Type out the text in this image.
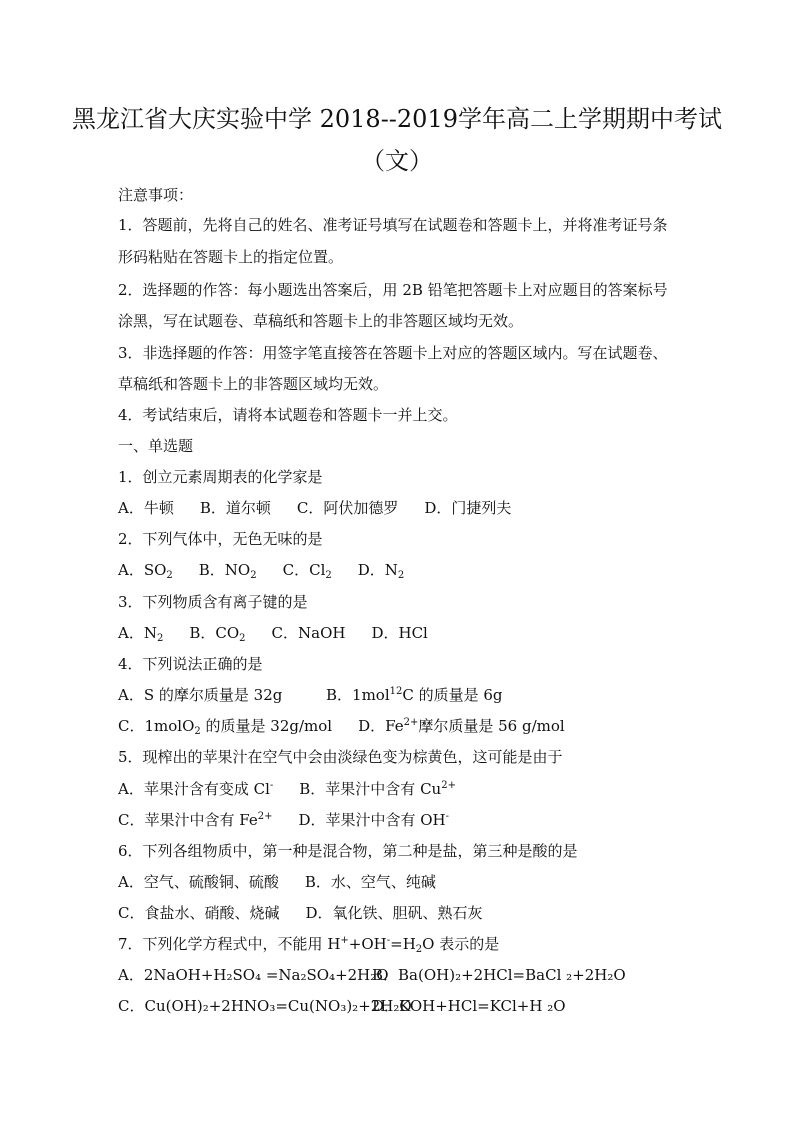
黑龙江省大庆实验中学 2018--2019学年高二上学期期中考试
（文）
注意事项：
1．答题前，先将自己的姓名、准考证号填写在试题卷和答题卡上，并将准考证号条
形码粘贴在答题卡上的指定位置。
2．选择题的作答：每小题选出答案后，用 2B 铅笔把答题卡上对应题目的答案标号
涂黑，写在试题卷、草稿纸和答题卡上的非答题区域均无效。
3．非选择题的作答：用签字笔直接答在答题卡上对应的答题区域内。写在试题卷、
草稿纸和答题卡上的非答题区域均无效。
4．考试结束后，请将本试题卷和答题卡一并上交。
一、单选题
1．创立元素周期表的化学家是
A．牛顿 B．道尔顿 C．阿伏加德罗 D．门捷列夫
2．下列气体中，无色无味的是
A．$SO_2$ B．$NO_2$ C．$Cl_2$ D．$N_2$
3．下列物质含有离子键的是
A．$N_2$ B．$CO_2$ C．NaOH D．HCl
4．下列说法正确的是
A．S 的摩尔质量是 32g	B．1mol$^{12}$C 的质量是 6g
C．1molO$_2$ 的质量是 32g/mol D．$Fe^{2+}$摩尔质量是 56 g/mol
5．现榨出的苹果汁在空气中会由淡绿色变为棕黄色，这可能是由于
A．苹果汁含有变成 Cl- B．苹果汁中含有 $Cu^{2+}$
C．苹果汁中含有 $Fe^{2+}$ D．苹果汁中含有 OH-
6．下列各组物质中，第一种是混合物，第二种是盐，第三种是酸的是
A．空气、硫酸铜、硫酸 B．水、空气、纯碱
C．食盐水、硝酸、烧碱 D．氧化铁、胆矾、熟石灰
7．下列化学方程式中，不能用 $H^++OH^-=H_2O$ 表示的是
A．2NaOH+H₂SO₄ =Na₂SO₄+2H₂OB．Ba(OH)₂+2HCl=BaCl ₂+2H₂O
C．Cu(OH)₂+2HNO₃=Cu(NO₃)₂+2H₂OD．KOH+HCl=KCl+H ₂O
